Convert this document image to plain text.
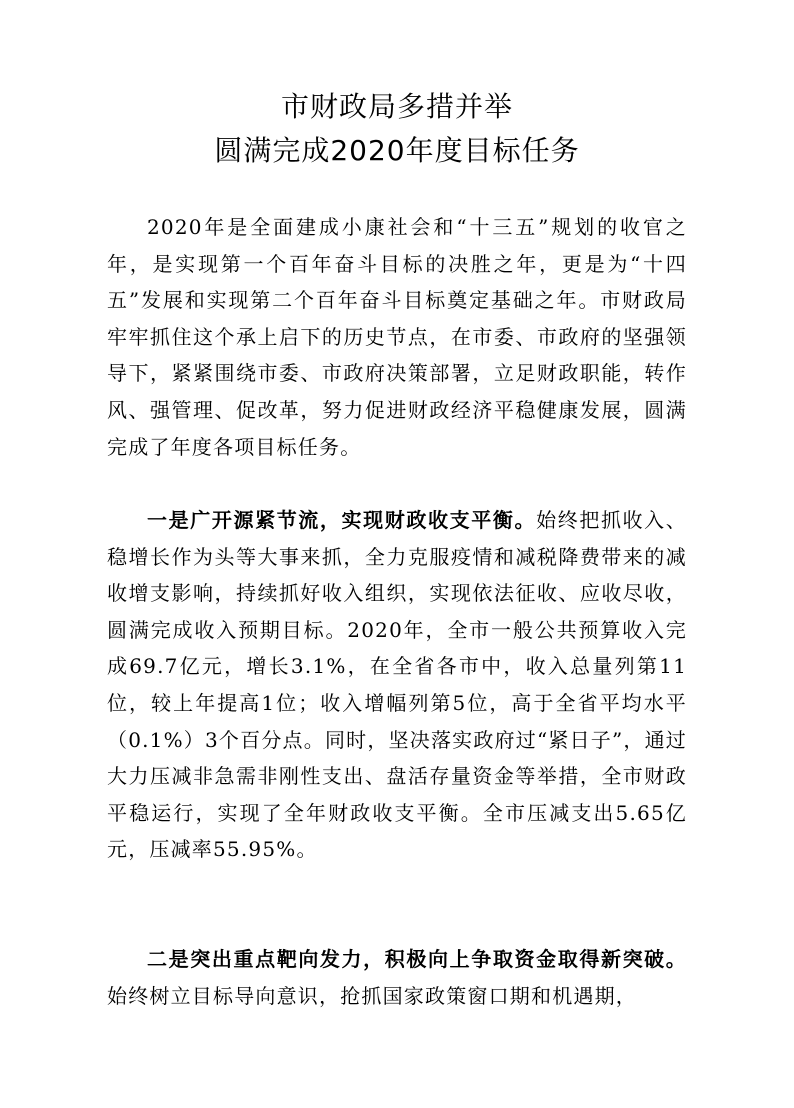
市财政局多措并举
圆满完成2020年度目标任务

2020年是全面建成小康社会和“十三五”规划的收官之年，是实现第一个百年奋斗目标的决胜之年，更是为“十四五”发展和实现第二个百年奋斗目标奠定基础之年。市财政局牢牢抓住这个承上启下的历史节点，在市委、市政府的坚强领导下，紧紧围绕市委、市政府决策部署，立足财政职能，转作风、强管理、促改革，努力促进财政经济平稳健康发展，圆满完成了年度各项目标任务。

一是广开源紧节流，实现财政收支平衡。始终把抓收入、稳增长作为头等大事来抓，全力克服疫情和减税降费带来的减收增支影响，持续抓好收入组织，实现依法征收、应收尽收，圆满完成收入预期目标。2020年，全市一般公共预算收入完成69.7亿元，增长3.1%，在全省各市中，收入总量列第11位，较上年提高1位；收入增幅列第5位，高于全省平均水平（0.1%）3个百分点。同时，坚决落实政府过“紧日子”，通过大力压减非急需非刚性支出、盘活存量资金等举措，全市财政平稳运行，实现了全年财政收支平衡。全市压减支出5.65亿元，压减率55.95%。

二是突出重点靶向发力，积极向上争取资金取得新突破。始终树立目标导向意识，抢抓国家政策窗口期和机遇期，
